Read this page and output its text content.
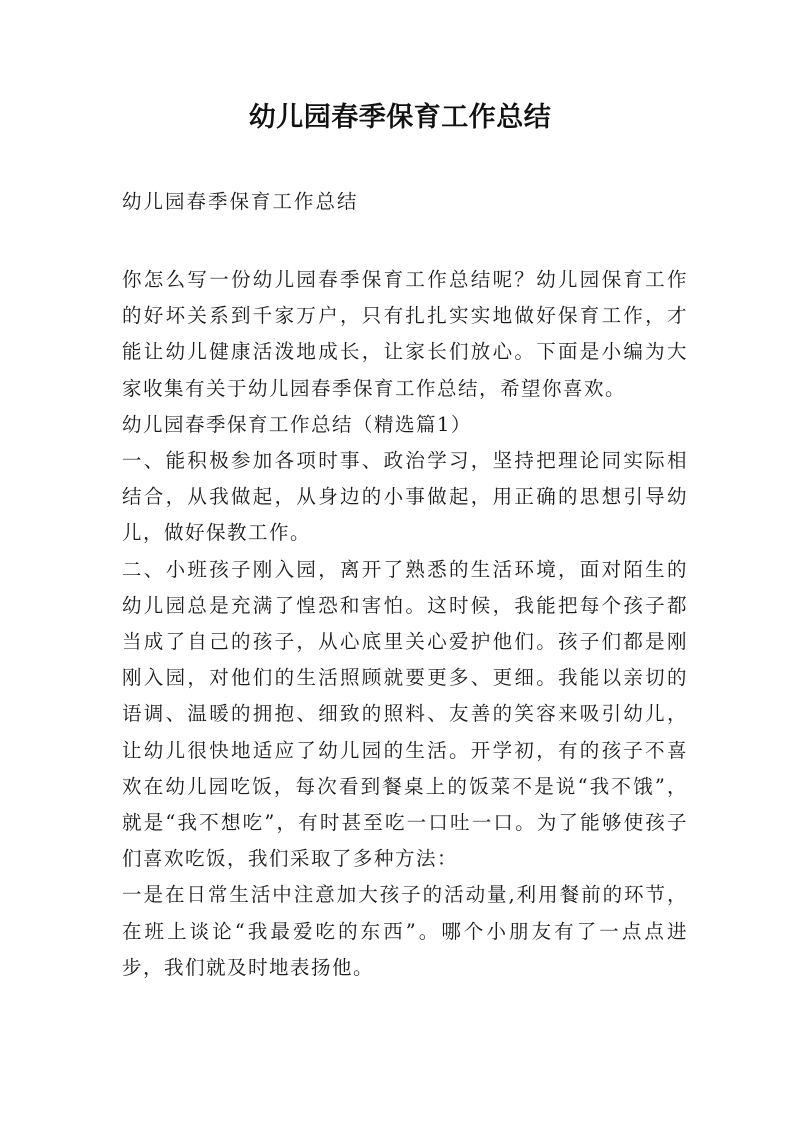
幼儿园春季保育工作总结
幼儿园春季保育工作总结

你怎么写一份幼儿园春季保育工作总结呢？幼儿园保育工作的好坏关系到千家万户，只有扎扎实实地做好保育工作，才能让幼儿健康活泼地成长，让家长们放心。下面是小编为大家收集有关于幼儿园春季保育工作总结，希望你喜欢。

幼儿园春季保育工作总结（精选篇1）

一、能积极参加各项时事、政治学习，坚持把理论同实际相结合，从我做起，从身边的小事做起，用正确的思想引导幼儿，做好保教工作。

二、小班孩子刚入园，离开了熟悉的生活环境，面对陌生的幼儿园总是充满了惶恐和害怕。这时候，我能把每个孩子都当成了自己的孩子，从心底里关心爱护他们。孩子们都是刚刚入园，对他们的生活照顾就要更多、更细。我能以亲切的语调、温暖的拥抱、细致的照料、友善的笑容来吸引幼儿，让幼儿很快地适应了幼儿园的生活。开学初，有的孩子不喜欢在幼儿园吃饭，每次看到餐桌上的饭菜不是说“我不饿”，就是“我不想吃”，有时甚至吃一口吐一口。为了能够使孩子们喜欢吃饭，我们采取了多种方法：

一是在日常生活中注意加大孩子的活动量,利用餐前的环节，在班上谈论“我最爱吃的东西”。哪个小朋友有了一点点进步，我们就及时地表扬他。
